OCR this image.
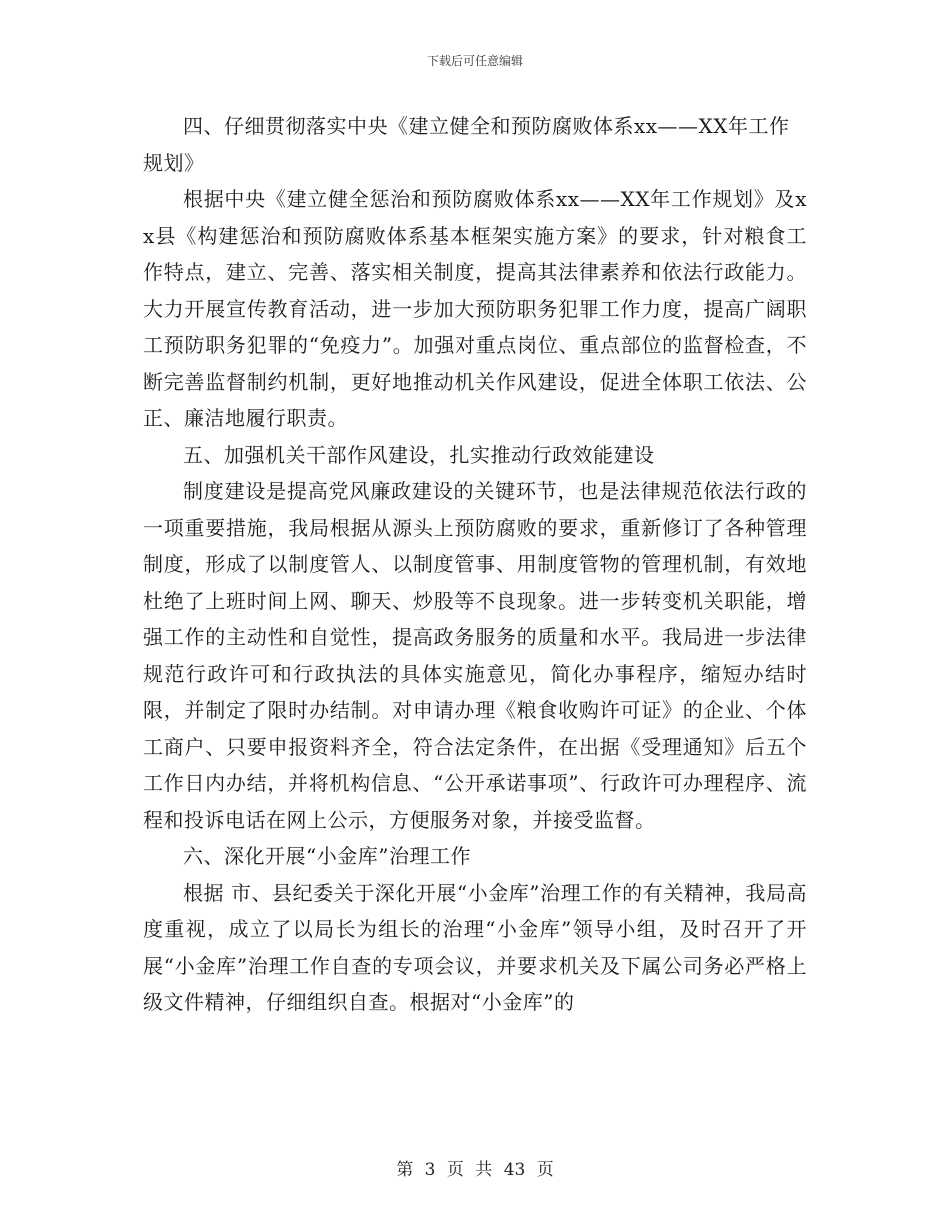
下载后可任意编辑

四、仔细贯彻落实中央《建立健全和预防腐败体系xx——XX年工作规划》

根据中央《建立健全惩治和预防腐败体系xx——XX年工作规划》及xx县《构建惩治和预防腐败体系基本框架实施方案》的要求，针对粮食工作特点，建立、完善、落实相关制度，提高其法律素养和依法行政能力。大力开展宣传教育活动，进一步加大预防职务犯罪工作力度，提高广阔职工预防职务犯罪的“免疫力”。加强对重点岗位、重点部位的监督检查，不断完善监督制约机制，更好地推动机关作风建设，促进全体职工依法、公正、廉洁地履行职责。

五、加强机关干部作风建设，扎实推动行政效能建设

制度建设是提高党风廉政建设的关键环节，也是法律规范依法行政的一项重要措施，我局根据从源头上预防腐败的要求，重新修订了各种管理制度，形成了以制度管人、以制度管事、用制度管物的管理机制，有效地杜绝了上班时间上网、聊天、炒股等不良现象。进一步转变机关职能，增强工作的主动性和自觉性，提高政务服务的质量和水平。我局进一步法律规范行政许可和行政执法的具体实施意见，简化办事程序，缩短办结时限，并制定了限时办结制。对申请办理《粮食收购许可证》的企业、个体工商户、只要申报资料齐全，符合法定条件，在出据《受理通知》后五个工作日内办结，并将机构信息、“公开承诺事项”、行政许可办理程序、流程和投诉电话在网上公示，方便服务对象，并接受监督。

六、深化开展“小金库”治理工作

根据 市、县纪委关于深化开展“小金库”治理工作的有关精神，我局高度重视，成立了以局长为组长的治理“小金库”领导小组，及时召开了开展“小金库”治理工作自查的专项会议，并要求机关及下属公司务必严格上级文件精神，仔细组织自查。根据对“小金库”的

第 3 页 共 43 页
